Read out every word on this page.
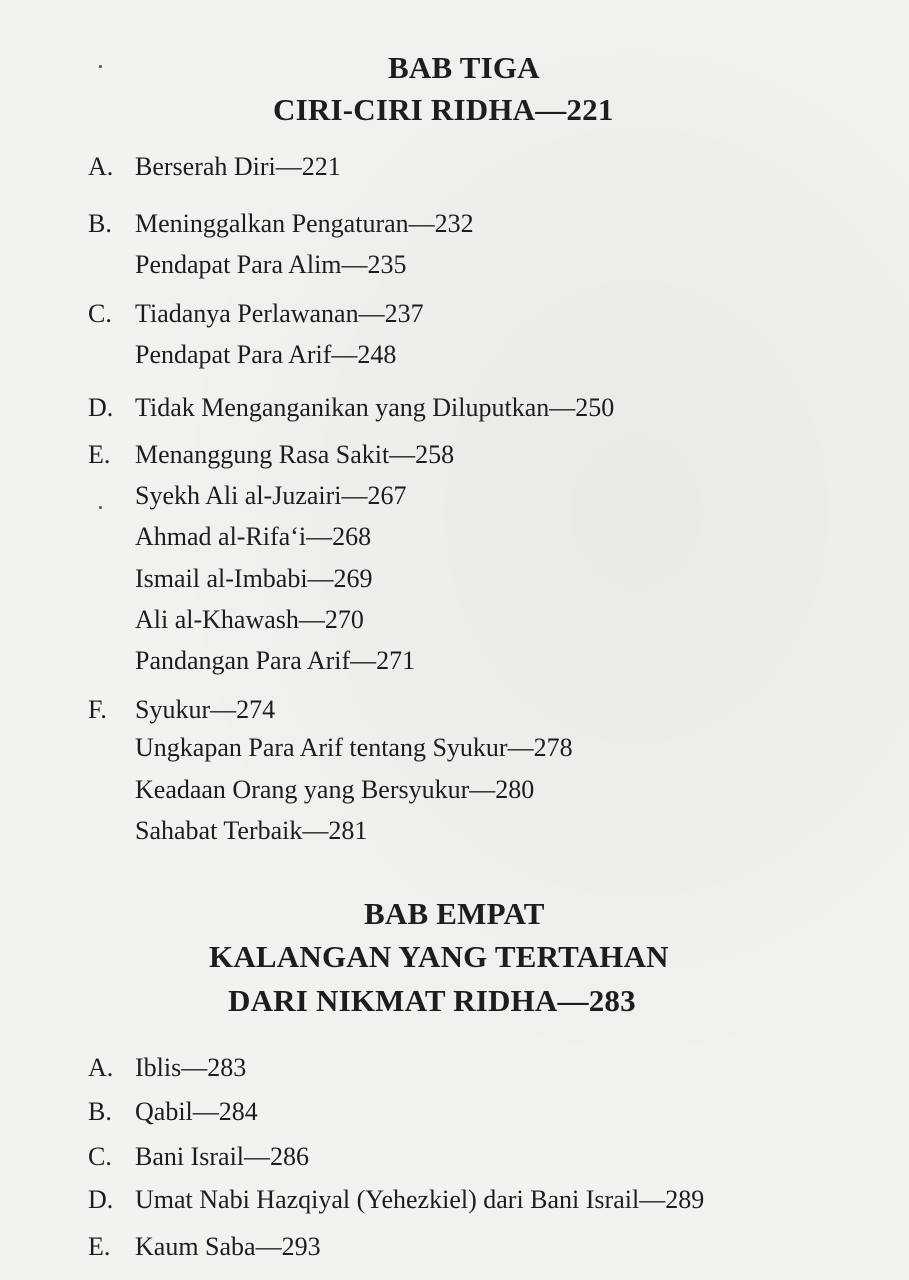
BAB TIGA
CIRI-CIRI RIDHA—221
A. Berserah Diri—221
B. Meninggalkan Pengaturan—232
Pendapat Para Alim—235
C. Tiadanya Perlawanan—237
Pendapat Para Arif—248
D. Tidak Menganganikan yang Diluputkan—250
E. Menanggung Rasa Sakit—258
Syekh Ali al-Juzairi—267
Ahmad al-Rifa‘i—268
Ismail al-Imbabi—269
Ali al-Khawash—270
Pandangan Para Arif—271
F. Syukur—274
Ungkapan Para Arif tentang Syukur—278
Keadaan Orang yang Bersyukur—280
Sahabat Terbaik—281
BAB EMPAT
KALANGAN YANG TERTAHAN
DARI NIKMAT RIDHA—283
A. Iblis—283
B. Qabil—284
C. Bani Israil—286
D. Umat Nabi Hazqiyal (Yehezkiel) dari Bani Israil—289
E. Kaum Saba—293
